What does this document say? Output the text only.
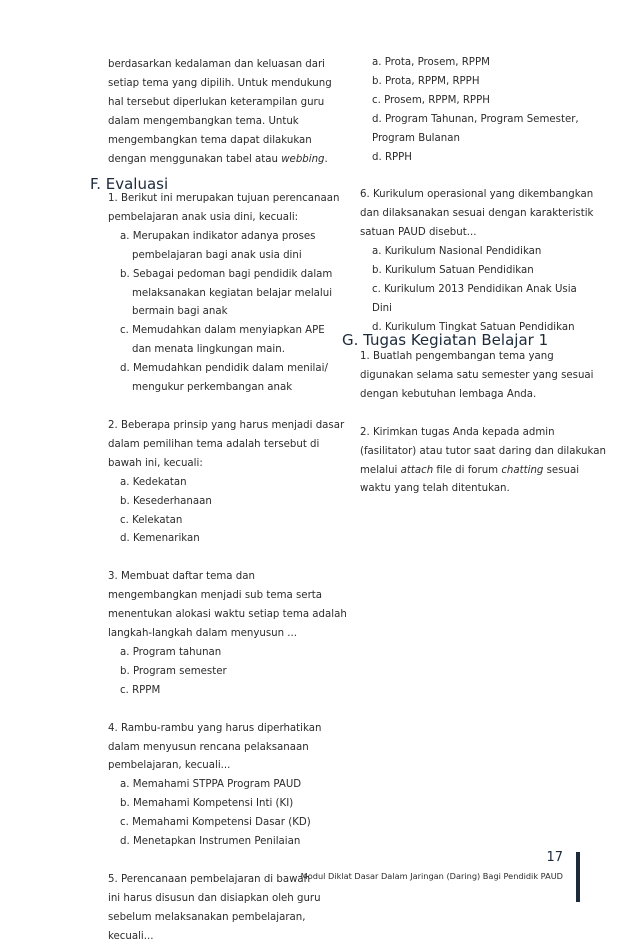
berdasarkan kedalaman dan keluasan dari

setiap tema yang dipilih. Untuk mendukung

hal tersebut diperlukan keterampilan guru

dalam mengembangkan tema. Untuk

mengembangkan tema dapat dilakukan

dengan menggunakan tabel atau webbing.

F. Evaluasi

1. Berikut ini merupakan tujuan perencanaan

pembelajaran anak usia dini, kecuali:

a. Merupakan indikator adanya proses

pembelajaran bagi anak usia dini

b. Sebagai pedoman bagi pendidik dalam

melaksanakan kegiatan belajar melalui

bermain bagi anak

c. Memudahkan dalam menyiapkan APE

dan menata lingkungan main.

d. Memudahkan pendidik dalam menilai/

mengukur perkembangan anak

2. Beberapa prinsip yang harus menjadi dasar

dalam pemilihan tema adalah tersebut di

bawah ini, kecuali:

a. Kedekatan

b. Kesederhanaan

c. Kelekatan

d. Kemenarikan

3. Membuat daftar tema dan

mengembangkan menjadi sub tema serta

menentukan alokasi waktu setiap tema adalah

langkah-langkah dalam menyusun ...

a. Program tahunan

b. Program semester

c. RPPM

4. Rambu-rambu yang harus diperhatikan

dalam menyusun rencana pelaksanaan

pembelajaran, kecuali...

a. Memahami STPPA Program PAUD

b. Memahami Kompetensi Inti (KI)

c. Memahami Kompetensi Dasar (KD)

d. Menetapkan Instrumen Penilaian

5. Perencanaan pembelajaran di bawah

ini harus disusun dan disiapkan oleh guru

sebelum melaksanakan pembelajaran,

kecuali...

a. Prota, Prosem, RPPM

b. Prota, RPPM, RPPH

c. Prosem, RPPM, RPPH

d. Program Tahunan, Program Semester,

Program Bulanan

d. RPPH

6. Kurikulum operasional yang dikembangkan

dan dilaksanakan sesuai dengan karakteristik

satuan PAUD disebut...

a. Kurikulum Nasional Pendidikan

b. Kurikulum Satuan Pendidikan

c. Kurikulum 2013 Pendidikan Anak Usia

Dini

d. Kurikulum Tingkat Satuan Pendidikan

G. Tugas Kegiatan Belajar 1

1. Buatlah pengembangan tema yang

digunakan selama satu semester yang sesuai

dengan kebutuhan lembaga Anda.

2. Kirimkan tugas Anda kepada admin

(fasilitator) atau tutor saat daring dan dilakukan

melalui attach file di forum chatting sesuai

waktu yang telah ditentukan.

17
Modul Diklat Dasar Dalam Jaringan (Daring) Bagi Pendidik PAUD
